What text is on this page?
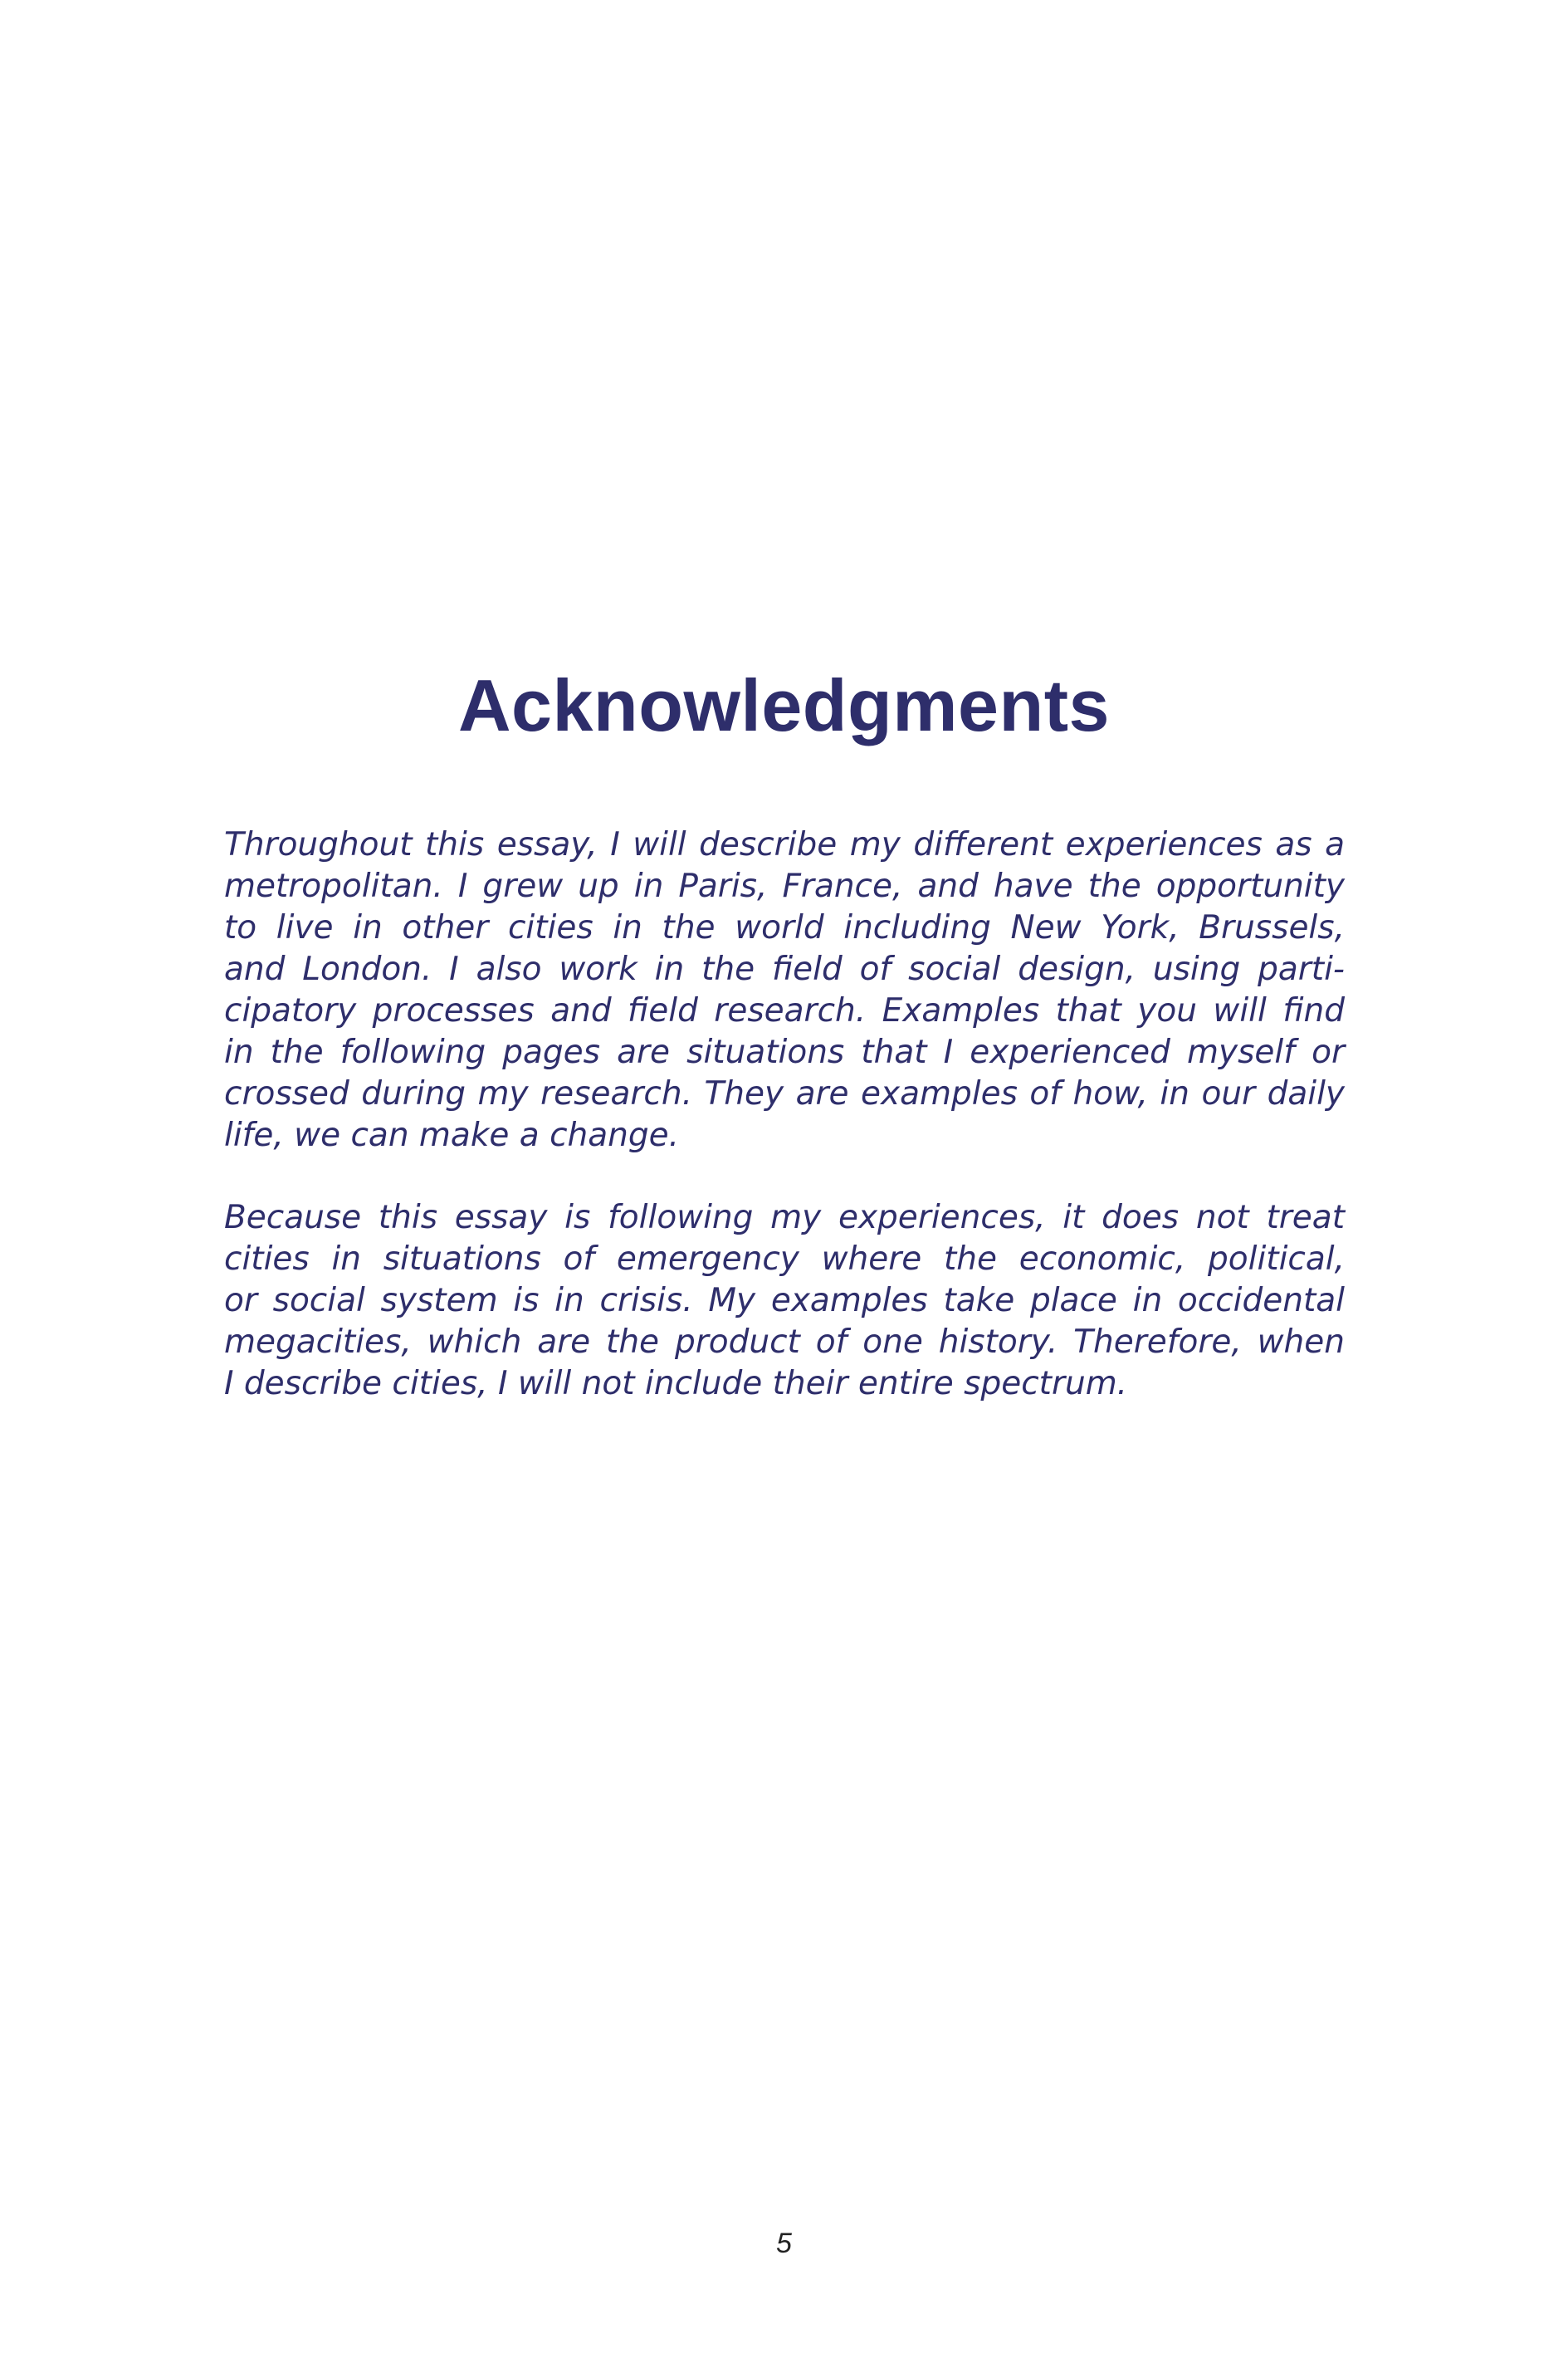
Acknowledgments
Throughout this essay, I will describe my different experiences as a
metropolitan. I grew up in Paris, France, and have the opportunity
to live in other cities in the world including New York, Brussels,
and London. I also work in the field of social design, using parti-
cipatory processes and field research. Examples that you will find
in the following pages are situations that I experienced myself or
crossed during my research. They are examples of how, in our daily
life, we can make a change.
Because this essay is following my experiences, it does not treat
cities in situations of emergency where the economic, political,
or social system is in crisis. My examples take place in occidental
megacities, which are the product of one history. Therefore, when
I describe cities, I will not include their entire spectrum.
5
